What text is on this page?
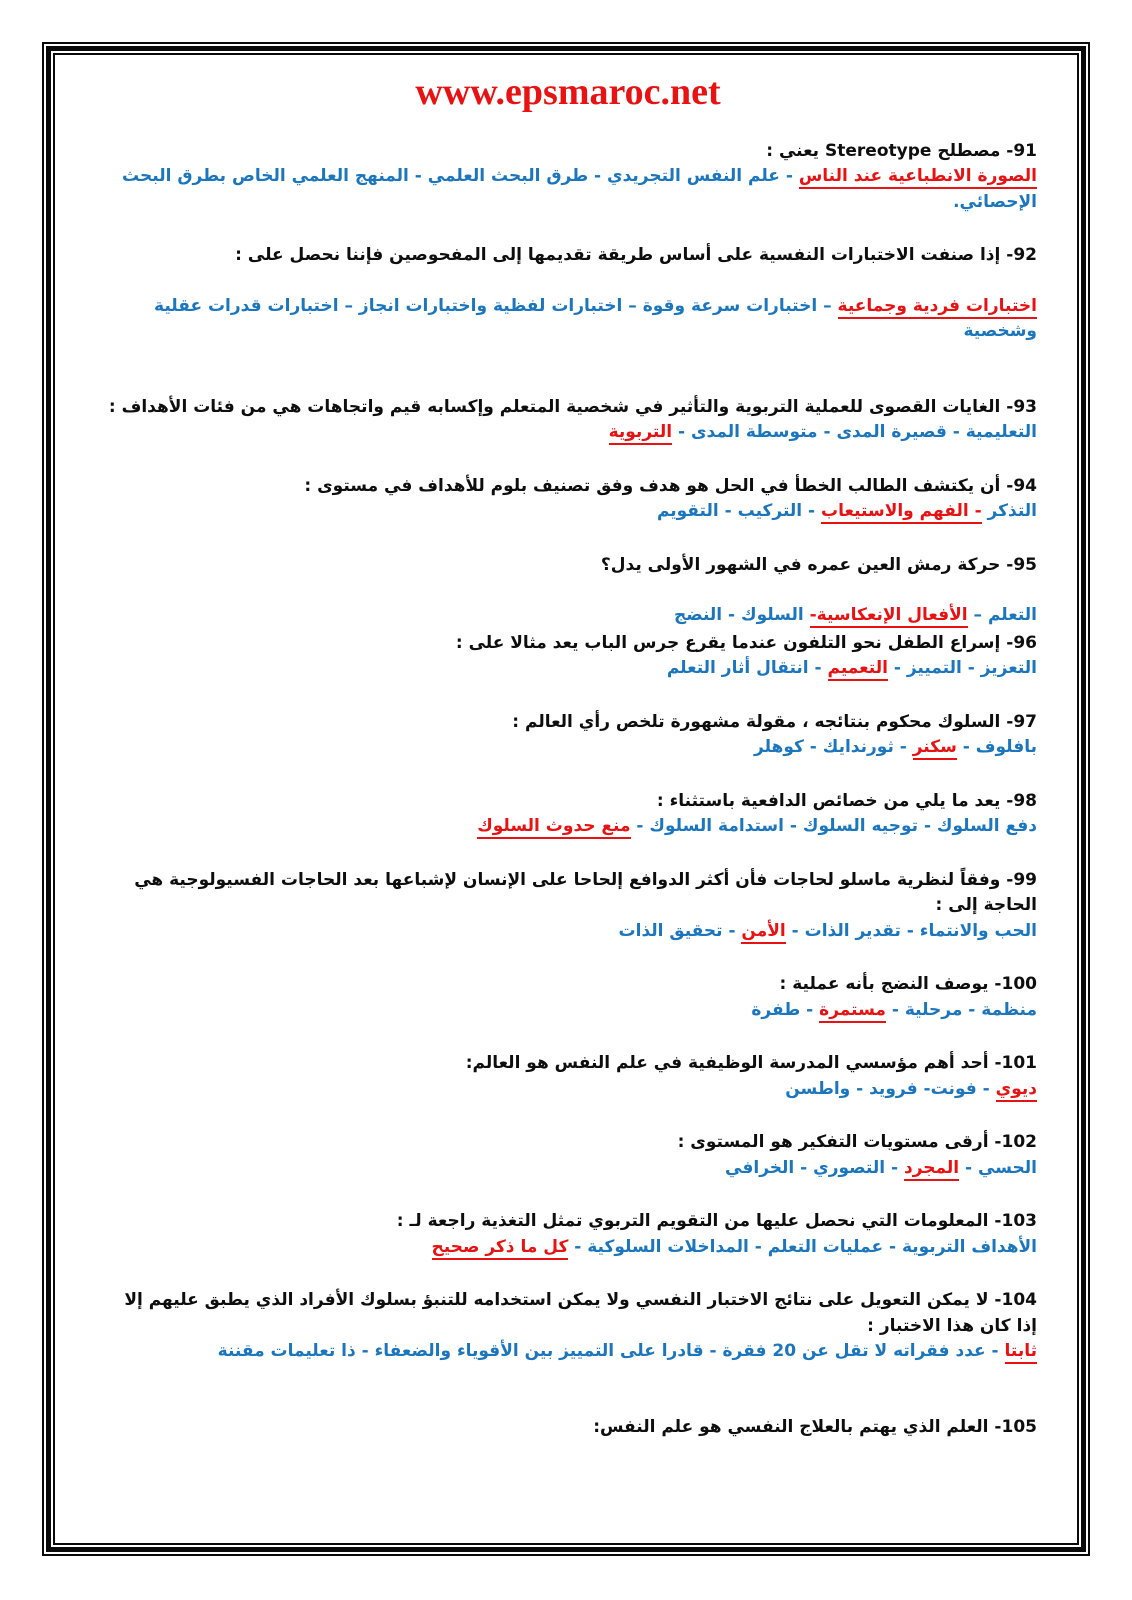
www.epsmaroc.net
91- مصطلح Stereotype يعني :
الصورة الانطباعية عند الناس - علم النفس التجريدي - طرق البحث العلمي - المنهج العلمي الخاص بطرق البحث الإحصائي.
92- إذا صنفت الاختبارات النفسية على أساس طريقة تقديمها إلى المفحوصين فإننا نحصل على :
اختبارات فردية وجماعية – اختبارات سرعة وقوة – اختبارات لفظية واختبارات انجاز – اختبارات قدرات عقلية وشخصية
93- الغايات القصوى للعملية التربوية والتأثير في شخصية المتعلم وإكسابه قيم واتجاهات هي من فئات الأهداف :
التعليمية - قصيرة المدى - متوسطة المدى - التربوية
94- أن يكتشف الطالب الخطأ في الحل هو هدف وفق تصنيف بلوم للأهداف في مستوى :
التذكر - الفهم والاستيعاب - التركيب - التقويم
95- حركة رمش العين عمره في الشهور الأولى يدل؟
التعلم – الأفعال الإنعكاسية- السلوك - النضج
96- إسراع الطفل نحو التلفون عندما يقرع جرس الباب يعد مثالا على :
التعزيز - التمييز - التعميم - انتقال أثار التعلم
97- السلوك محكوم بنتائجه ، مقولة مشهورة تلخص رأي العالم :
بافلوف - سكنر - ثورندايك - كوهلر
98- يعد ما يلي من خصائص الدافعية باستثناء :
دفع السلوك - توجيه السلوك - استدامة السلوك - منع حدوث السلوك
99- وفقاً لنظرية ماسلو لحاجات فأن أكثر الدوافع إلحاحا على الإنسان لإشباعها بعد الحاجات الفسيولوجية هي الحاجة إلى :
الحب والانتماء - تقدير الذات - الأمن - تحقيق الذات
100- يوصف النضج بأنه عملية :
منظمة - مرحلية - مستمرة - طفرة
101- أحد أهم مؤسسي المدرسة الوظيفية في علم النفس هو العالم:
ديوي - فونت- فرويد - واطسن
102- أرقى مستويات التفكير هو المستوى :
الحسي - المجرد - التصوري - الخرافي
103- المعلومات التي نحصل عليها من التقويم التربوي تمثل التغذية راجعة لـ :
الأهداف التربوية - عمليات التعلم - المداخلات السلوكية - كل ما ذكر صحيح
104- لا يمكن التعويل على نتائج الاختبار النفسي ولا يمكن استخدامه للتنبؤ بسلوك الأفراد الذي يطبق عليهم إلا إذا كان هذا الاختبار :
ثابتا - عدد فقراته لا تقل عن 20 فقرة - قادرا على التمييز بين الأقوياء والضعفاء - ذا تعليمات مقننة
105- العلم الذي يهتم بالعلاج النفسي هو علم النفس:
